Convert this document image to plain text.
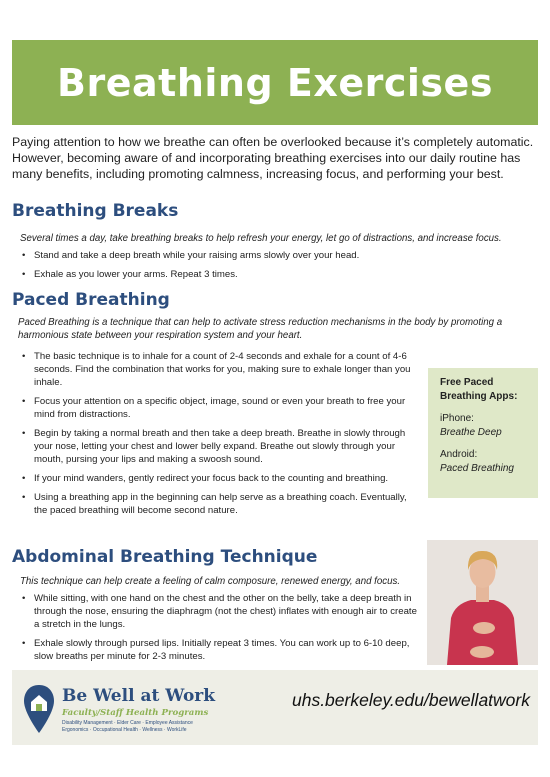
Breathing Exercises

Paying attention to how we breathe can often be overlooked because it’s completely automatic. However, becoming aware of and incorporating breathing exercises into our daily routine has many benefits, including promoting calmness, increasing focus, and performing your best.

Breathing Breaks

Several times a day, take breathing breaks to help refresh your energy, let go of distractions, and increase focus.

• Stand and take a deep breath while your raising arms slowly over your head.
• Exhale as you lower your arms. Repeat 3 times.
Paced Breathing

Paced Breathing is a technique that can help to activate stress reduction mechanisms in the body by promoting a harmonious state between your respiration system and your heart.

• The basic technique is to inhale for a count of 2-4 seconds and exhale for a count of 4-6 seconds. Find the combination that works for you, making sure to exhale longer than you inhale.
• Focus your attention on a specific object, image, sound or even your breath to free your mind from distractions.
• Begin by taking a normal breath and then take a deep breath. Breathe in slowly through your nose, letting your chest and lower belly expand. Breathe out slowly through your mouth, pursing your lips and making a swoosh sound.
• If your mind wanders, gently redirect your focus back to the counting and breathing.
• Using a breathing app in the beginning can help serve as a breathing coach. Eventually, the paced breathing will become second nature.
Free Paced Breathing Apps:
iPhone:
Breathe Deep
Android:
Paced Breathing
Abdominal Breathing Technique

This technique can help create a feeling of calm composure, renewed energy, and focus.

• While sitting, with one hand on the chest and the other on the belly, take a deep breath in through the nose, ensuring the diaphragm (not the chest) inflates with enough air to create a stretch in the lungs.
• Exhale slowly through pursed lips. Initially repeat 3 times. You can work up to 6-10 deep, slow breaths per minute for 2-3 minutes.
Be Well at Work
Faculty/Staff Health Programs
Disability Management · Elder Care · Employee Assistance
Ergonomics · Occupational Health · Wellness · WorkLife
uhs.berkeley.edu/bewellatwork
